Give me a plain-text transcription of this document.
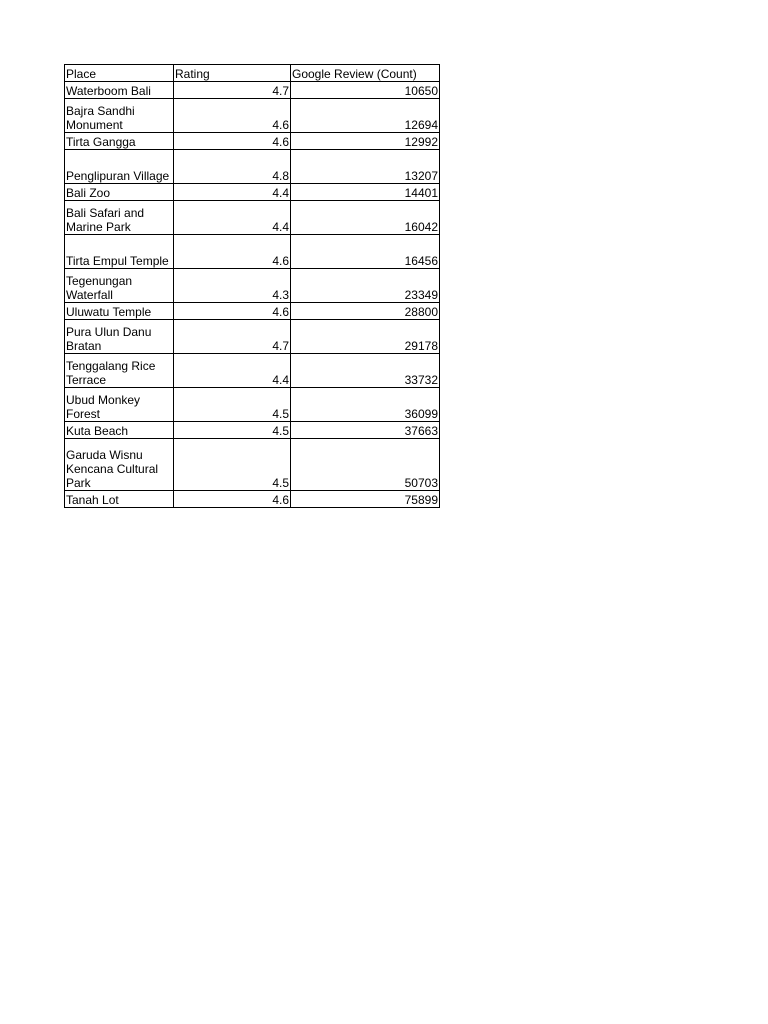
Place	Rating	Google Review (Count)
Waterboom Bali	4.7	10650
Bajra Sandhi Monument	4.6	12694
Tirta Gangga	4.6	12992
Penglipuran Village	4.8	13207
Bali Zoo	4.4	14401
Bali Safari and Marine Park	4.4	16042
Tirta Empul Temple	4.6	16456
Tegenungan Waterfall	4.3	23349
Uluwatu Temple	4.6	28800
Pura Ulun Danu Bratan	4.7	29178
Tenggalang Rice Terrace	4.4	33732
Ubud Monkey Forest	4.5	36099
Kuta Beach	4.5	37663
Garuda Wisnu Kencana Cultural Park	4.5	50703
Tanah Lot	4.6	75899
